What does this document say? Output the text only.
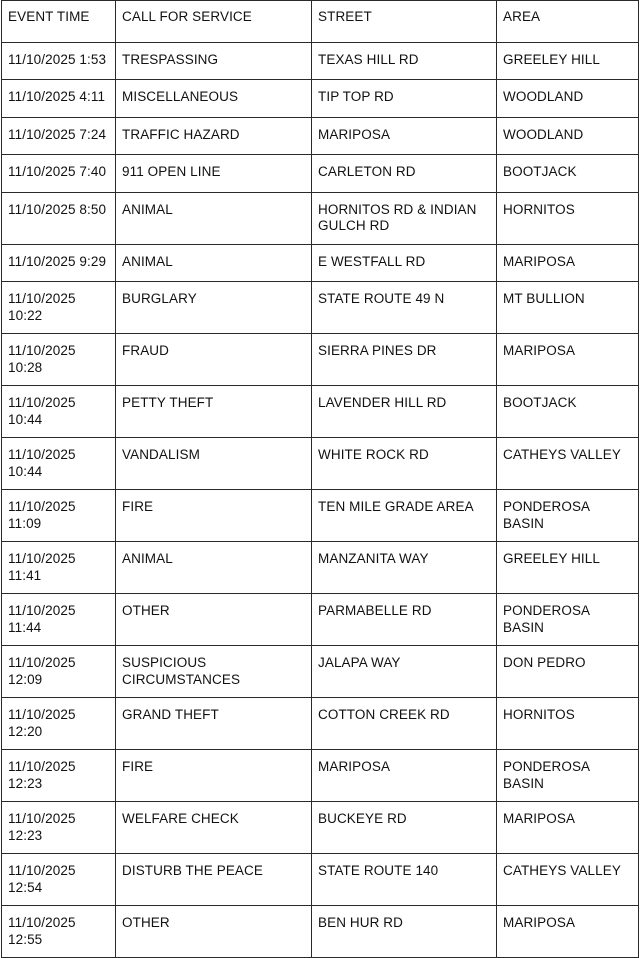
EVENT TIME	CALL FOR SERVICE	STREET	AREA
11/10/2025 1:53	TRESPASSING	TEXAS HILL RD	GREELEY HILL
11/10/2025 4:11	MISCELLANEOUS	TIP TOP RD	WOODLAND
11/10/2025 7:24	TRAFFIC HAZARD	MARIPOSA	WOODLAND
11/10/2025 7:40	911 OPEN LINE	CARLETON RD	BOOTJACK
11/10/2025 8:50	ANIMAL	HORNITOS RD & INDIAN GULCH RD	HORNITOS
11/10/2025 9:29	ANIMAL	E WESTFALL RD	MARIPOSA
11/10/2025 10:22	BURGLARY	STATE ROUTE 49 N	MT BULLION
11/10/2025 10:28	FRAUD	SIERRA PINES DR	MARIPOSA
11/10/2025 10:44	PETTY THEFT	LAVENDER HILL RD	BOOTJACK
11/10/2025 10:44	VANDALISM	WHITE ROCK RD	CATHEYS VALLEY
11/10/2025 11:09	FIRE	TEN MILE GRADE AREA	PONDEROSA BASIN
11/10/2025 11:41	ANIMAL	MANZANITA WAY	GREELEY HILL
11/10/2025 11:44	OTHER	PARMABELLE RD	PONDEROSA BASIN
11/10/2025 12:09	SUSPICIOUS CIRCUMSTANCES	JALAPA WAY	DON PEDRO
11/10/2025 12:20	GRAND THEFT	COTTON CREEK RD	HORNITOS
11/10/2025 12:23	FIRE	MARIPOSA	PONDEROSA BASIN
11/10/2025 12:23	WELFARE CHECK	BUCKEYE RD	MARIPOSA
11/10/2025 12:54	DISTURB THE PEACE	STATE ROUTE 140	CATHEYS VALLEY
11/10/2025 12:55	OTHER	BEN HUR RD	MARIPOSA
